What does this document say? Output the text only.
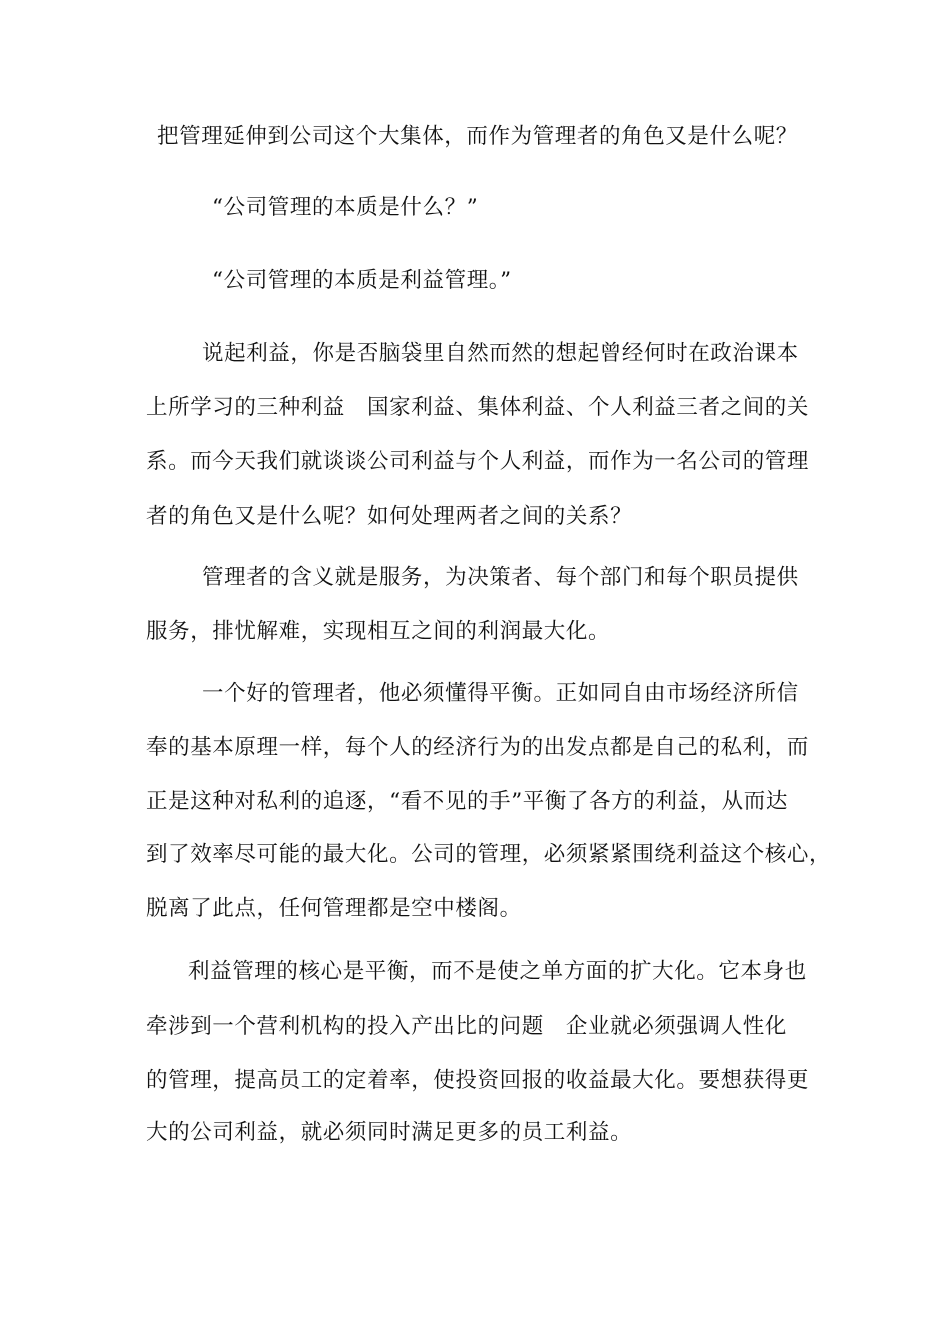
把管理延伸到公司这个大集体，而作为管理者的角色又是什么呢？
“公司管理的本质是什么？”
“公司管理的本质是利益管理。”
说起利益，你是否脑袋里自然而然的想起曾经何时在政治课本
上所学习的三种利益　国家利益、集体利益、个人利益三者之间的关
系。而今天我们就谈谈公司利益与个人利益，而作为一名公司的管理
者的角色又是什么呢？如何处理两者之间的关系？
管理者的含义就是服务，为决策者、每个部门和每个职员提供
服务，排忧解难，实现相互之间的利润最大化。
一个好的管理者，他必须懂得平衡。正如同自由市场经济所信
奉的基本原理一样，每个人的经济行为的出发点都是自己的私利，而
正是这种对私利的追逐，“看不见的手”平衡了各方的利益，从而达
到了效率尽可能的最大化。公司的管理，必须紧紧围绕利益这个核心，
脱离了此点，任何管理都是空中楼阁。
利益管理的核心是平衡，而不是使之单方面的扩大化。它本身也
牵涉到一个营利机构的投入产出比的问题　企业就必须强调人性化
的管理，提高员工的定着率，使投资回报的收益最大化。要想获得更
大的公司利益，就必须同时满足更多的员工利益。
